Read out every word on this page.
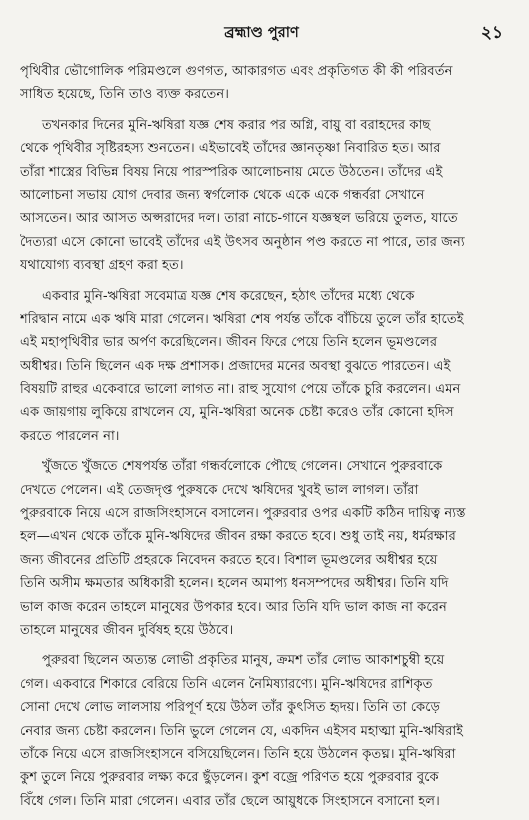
ব্রহ্মাণ্ড পুরাণ	২১
পৃথিবীর ভৌগোলিক পরিমণ্ডলে গুণগত, আকারগত এবং প্রকৃতিগত কী কী পরিবর্তন
সাধিত হয়েছে, তিনি তাও ব্যক্ত করতেন।
তখনকার দিনের মুনি-ঋষিরা যজ্ঞ শেষ করার পর অগ্নি, বায়ু বা বরাহদের কাছ
থেকে পৃথিবীর সৃষ্টিরহস্য শুনতেন। এইভাবেই তাঁদের জ্ঞানতৃষ্ণা নিবারিত হত। আর
তাঁরা শাস্ত্রের বিভিন্ন বিষয় নিয়ে পারস্পরিক আলোচনায় মেতে উঠতেন। তাঁদের এই
আলোচনা সভায় যোগ দেবার জন্য স্বর্গলোক থেকে একে একে গন্ধর্বরা সেখানে
আসতেন। আর আসত অপ্সরাদের দল। তারা নাচে-গানে যজ্ঞস্থল ভরিয়ে তুলত, যাতে
দৈত্যরা এসে কোনো ভাবেই তাঁদের এই উৎসব অনুষ্ঠান পণ্ড করতে না পারে, তার জন্য
যথাযোগ্য ব্যবস্থা গ্রহণ করা হত।
একবার মুনি-ঋষিরা সবেমাত্র যজ্ঞ শেষ করেছেন, হঠাৎ তাঁদের মধ্যে থেকে
শরিদ্বান নামে এক ঋষি মারা গেলেন। ঋষিরা শেষ পর্যন্ত তাঁকে বাঁচিয়ে তুলে তাঁর হাতেই
এই মহাপৃথিবীর ভার অর্পণ করেছিলেন। জীবন ফিরে পেয়ে তিনি হলেন ভূমণ্ডলের
অধীশ্বর। তিনি ছিলেন এক দক্ষ প্রশাসক। প্রজাদের মনের অবস্থা বুঝতে পারতেন। এই
বিষয়টি রাহুর একেবারে ভালো লাগত না। রাহু সুযোগ পেয়ে তাঁকে চুরি করলেন। এমন
এক জায়গায় লুকিয়ে রাখলেন যে, মুনি-ঋষিরা অনেক চেষ্টা করেও তাঁর কোনো হদিস
করতে পারলেন না।
খুঁজতে খুঁজতে শেষপর্যন্ত তাঁরা গন্ধর্বলোকে পৌছে গেলেন। সেখানে পুরুরবাকে
দেখতে পেলেন। এই তেজদৃপ্ত পুরুষকে দেখে ঋষিদের খুবই ভাল লাগল। তাঁরা
পুরুরবাকে নিয়ে এসে রাজসিংহাসনে বসালেন। পুরুরবার ওপর একটি কঠিন দায়িত্ব ন্যস্ত
হল—এখন থেকে তাঁকে মুনি-ঋষিদের জীবন রক্ষা করতে হবে। শুধু তাই নয়, ধর্মরক্ষার
জন্য জীবনের প্রতিটি প্রহরকে নিবেদন করতে হবে। বিশাল ভূমণ্ডলের অধীশ্বর হয়ে
তিনি অসীম ক্ষমতার অধিকারী হলেন। হলেন অমাপ্য ধনসম্পদের অধীশ্বর। তিনি যদি
ভাল কাজ করেন তাহলে মানুষের উপকার হবে। আর তিনি যদি ভাল কাজ না করেন
তাহলে মানুষের জীবন দুর্বিষহ হয়ে উঠবে।
পুরুরবা ছিলেন অত্যন্ত লোভী প্রকৃতির মানুষ, ক্রমশ তাঁর লোভ আকাশচুম্বী হয়ে
গেল। একবারে শিকারে বেরিয়ে তিনি এলেন নৈমিষ্যারণ্যে। মুনি-ঋষিদের রাশিকৃত
সোনা দেখে লোভ লালসায় পরিপূর্ণ হয়ে উঠল তাঁর কুৎসিত হৃদয়। তিনি তা কেড়ে
নেবার জন্য চেষ্টা করলেন। তিনি ভুলে গেলেন যে, একদিন এইসব মহাত্মা মুনি-ঋষিরাই
তাঁকে নিয়ে এসে রাজসিংহাসনে বসিয়েছিলেন। তিনি হয়ে উঠলেন কৃতঘ্ন। মুনি-ঋষিরা
কুশ তুলে নিয়ে পুরুরবার লক্ষ্য করে ছুঁড়লেন। কুশ বজ্রে পরিণত হয়ে পুরুরবার বুকে
বিঁধে গেল। তিনি মারা গেলেন। এবার তাঁর ছেলে আয়ুধকে সিংহাসনে বসানো হল।
